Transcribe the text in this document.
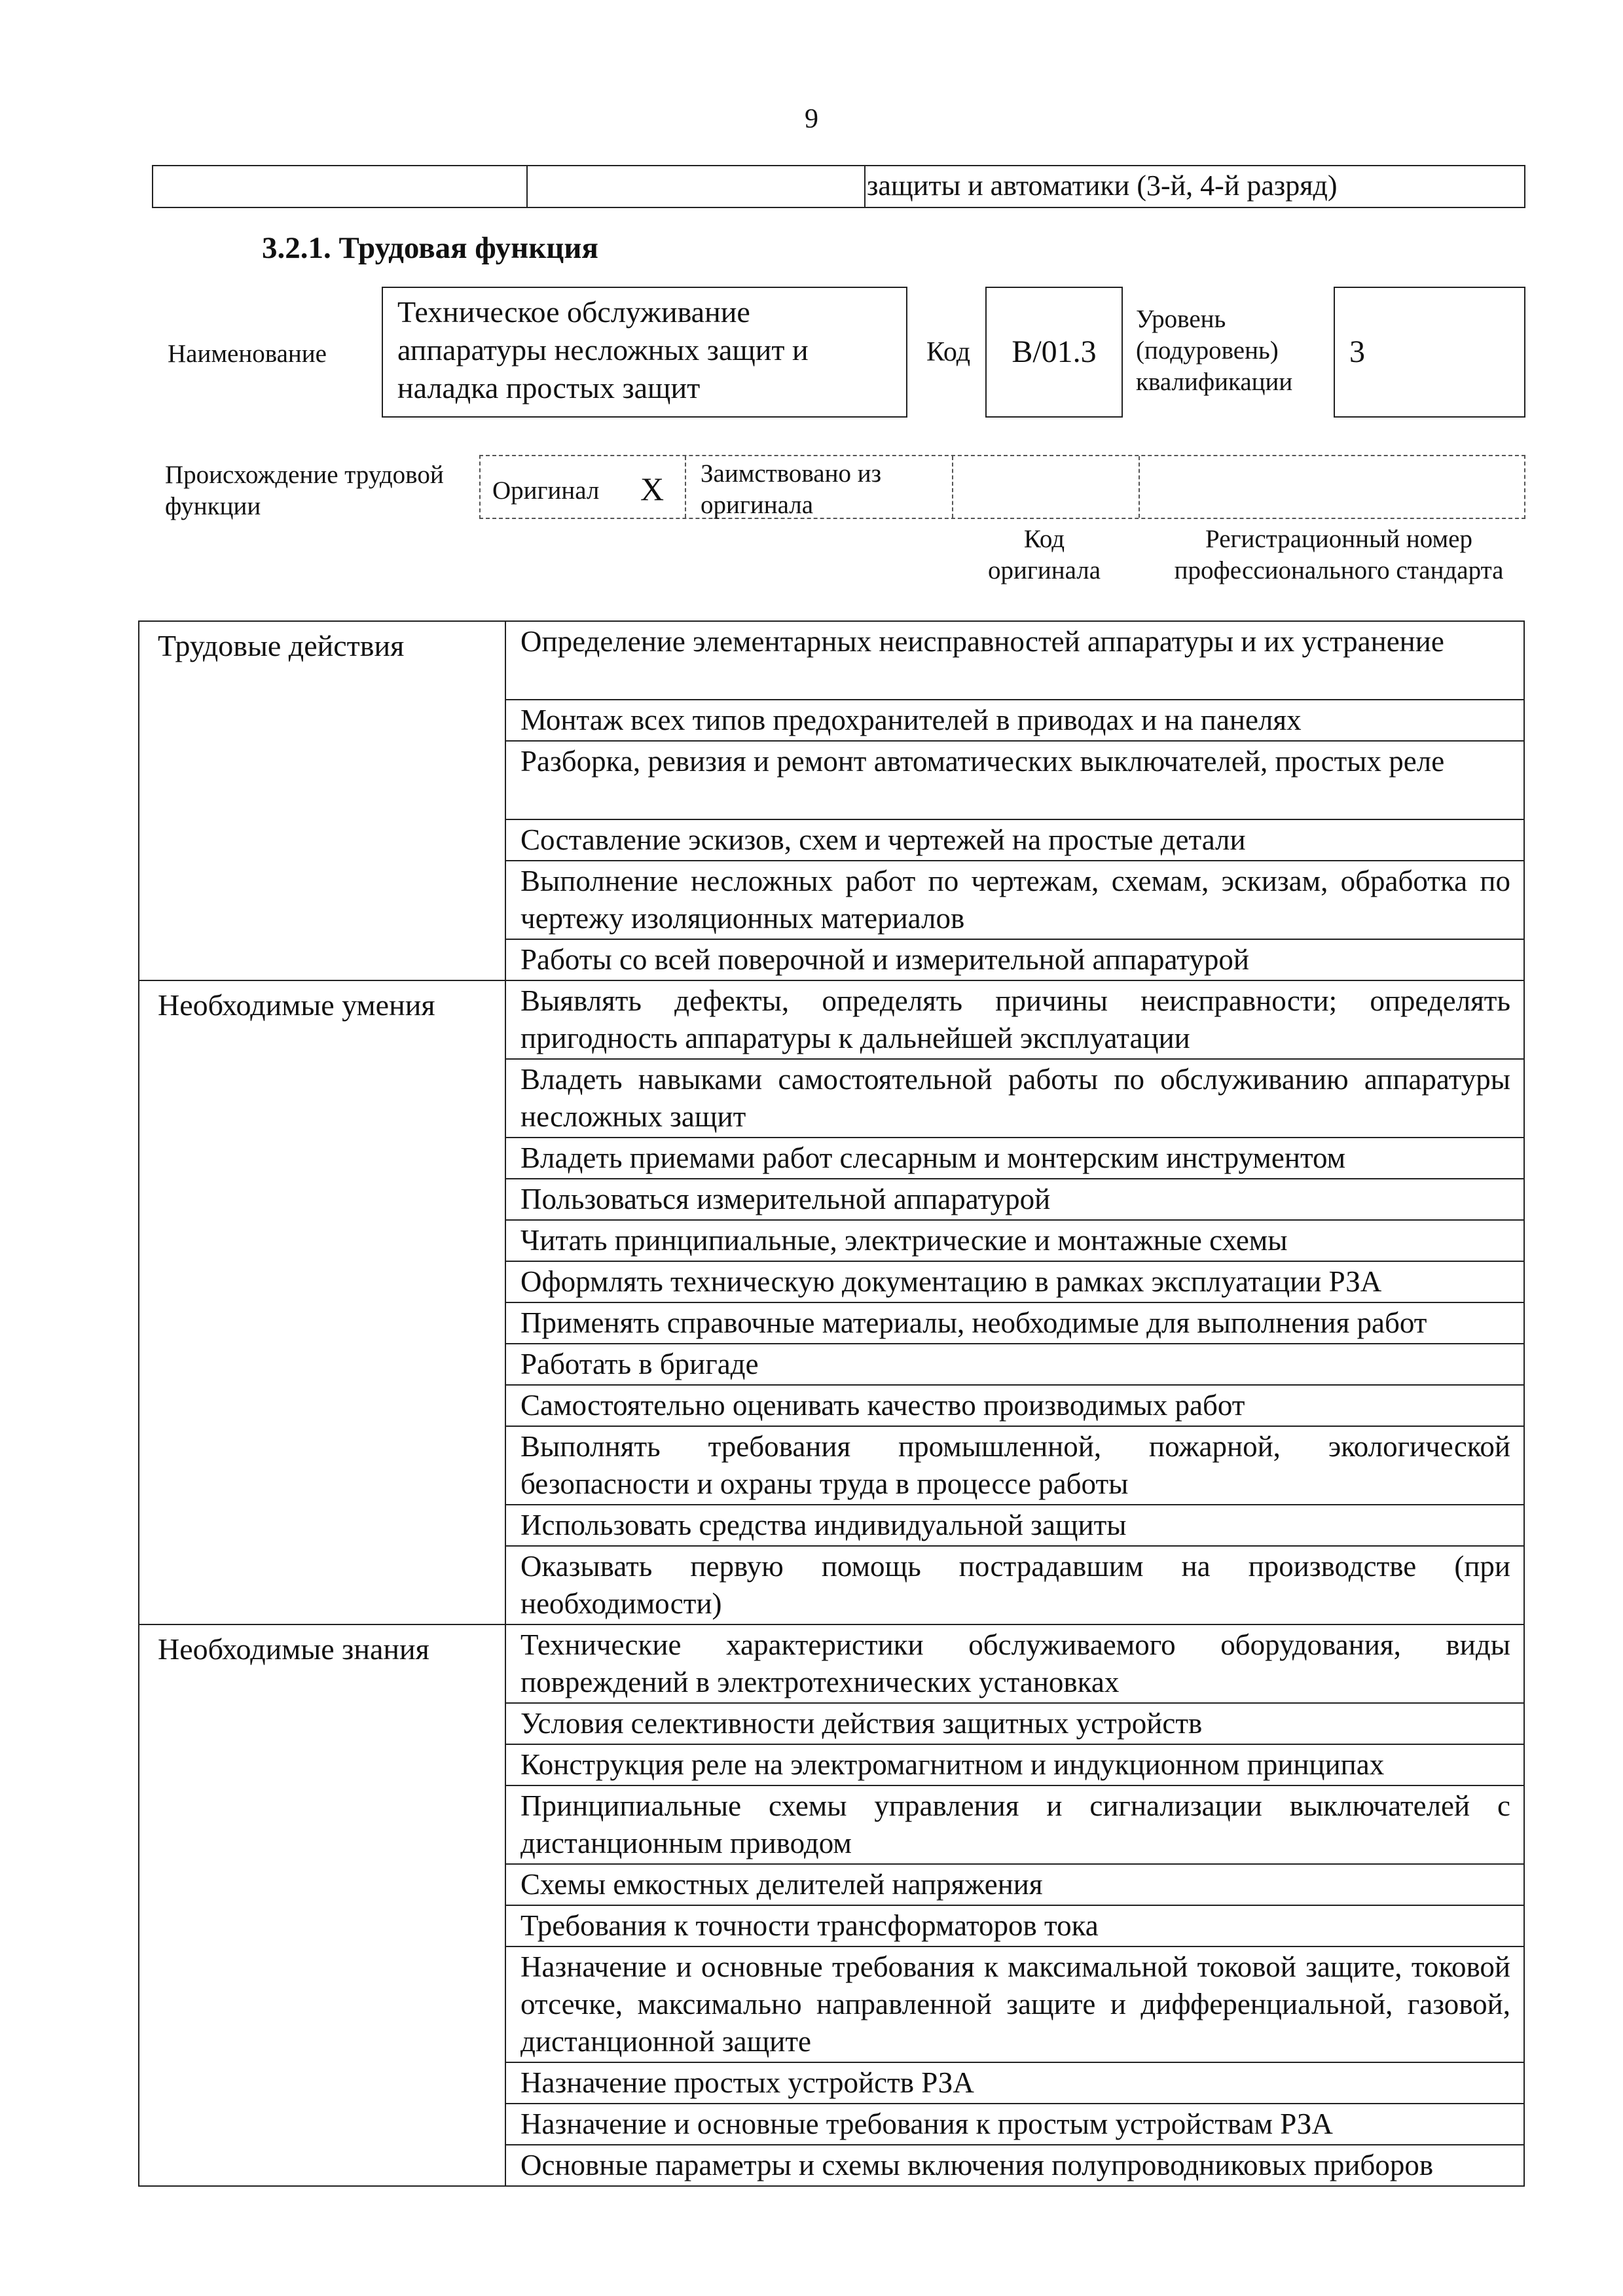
9
защиты и автоматики (3-й, 4-й разряд)
3.2.1. Трудовая функция
Наименование
Техническое обслуживание аппаратуры несложных защит и наладка простых защит
Код	B/01.3
Уровень
(подуровень)
квалификации
3
Происхождение трудовой
функции
Оригинал X Заимствовано из
оригинала
Код
оригинала
Регистрационный номер
профессионального стандарта
Трудовые действия	Определение элементарных неисправностей аппаратуры и их устранение
	Монтаж всех типов предохранителей в приводах и на панелях
	Разборка, ревизия и ремонт автоматических выключателей, простых реле
	Составление эскизов, схем и чертежей на простые детали
	Выполнение несложных работ по чертежам, схемам, эскизам, обработка по чертежу изоляционных материалов
	Работы со всей поверочной и измерительной аппаратурой
Необходимые умения	Выявлять дефекты, определять причины неисправности; определять пригодность аппаратуры к дальнейшей эксплуатации
	Владеть навыками самостоятельной работы по обслуживанию аппаратуры несложных защит
	Владеть приемами работ слесарным и монтерским инструментом
	Пользоваться измерительной аппаратурой
	Читать принципиальные, электрические и монтажные схемы
	Оформлять техническую документацию в рамках эксплуатации РЗА
	Применять справочные материалы, необходимые для выполнения работ
	Работать в бригаде
	Самостоятельно оценивать качество производимых работ
	Выполнять требования промышленной, пожарной, экологической безопасности и охраны труда в процессе работы
	Использовать средства индивидуальной защиты
	Оказывать первую помощь пострадавшим на производстве (при необходимости)
Необходимые знания	Технические характеристики обслуживаемого оборудования, виды повреждений в электротехнических установках
	Условия селективности действия защитных устройств
	Конструкция реле на электромагнитном и индукционном принципах
	Принципиальные схемы управления и сигнализации выключателей с дистанционным приводом
	Схемы емкостных делителей напряжения
	Требования к точности трансформаторов тока
	Назначение и основные требования к максимальной токовой защите, токовой отсечке, максимально направленной защите и дифференциальной, газовой, дистанционной защите
	Назначение простых устройств РЗА
	Назначение и основные требования к простым устройствам РЗА
	Основные параметры и схемы включения полупроводниковых приборов
